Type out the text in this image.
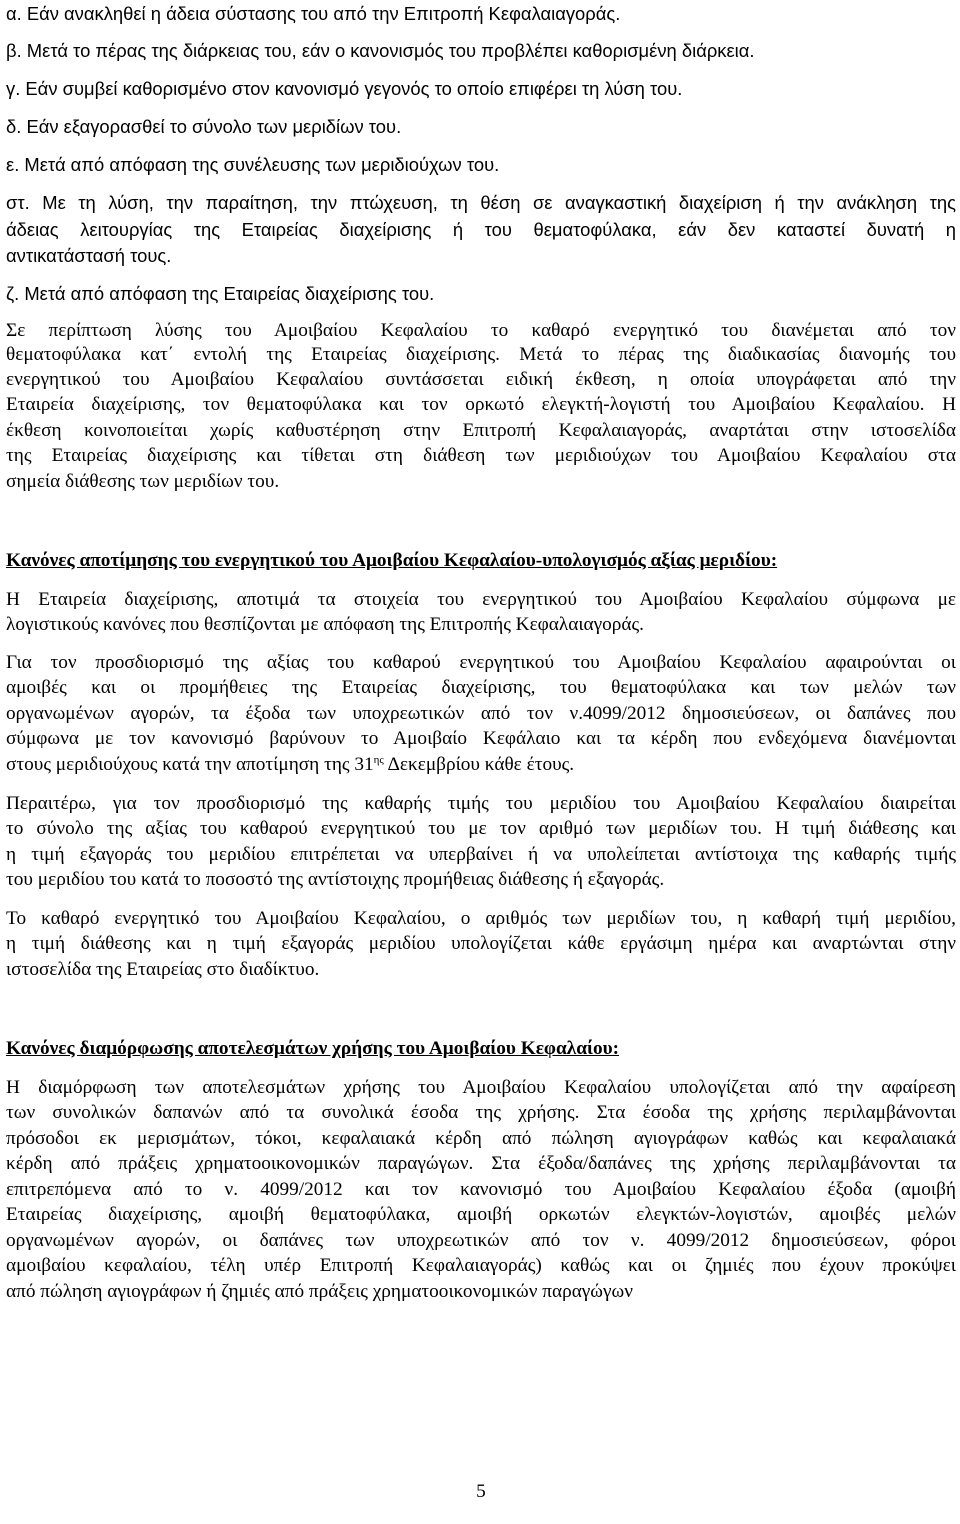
α. Εάν ανακληθεί η άδεια σύστασης του από την Επιτροπή Κεφαλαιαγοράς.
β. Μετά το πέρας της διάρκειας του, εάν ο κανονισμός του προβλέπει καθορισμένη διάρκεια.
γ. Εάν συμβεί καθορισμένο στον κανονισμό γεγονός το οποίο επιφέρει τη λύση του.
δ. Εάν εξαγορασθεί το σύνολο των μεριδίων του.
ε. Μετά από απόφαση της συνέλευσης των μεριδιούχων του.
στ. Με τη λύση, την παραίτηση, την πτώχευση, τη θέση σε αναγκαστική διαχείριση ή την ανάκληση της
άδειας λειτουργίας της Εταιρείας διαχείρισης ή του θεματοφύλακα, εάν δεν καταστεί δυνατή η
αντικατάστασή τους.
ζ. Μετά από απόφαση της Εταιρείας διαχείρισης του.
Σε περίπτωση λύσης του Αμοιβαίου Κεφαλαίου το καθαρό ενεργητικό του διανέμεται από τον
θεματοφύλακα κατ΄ εντολή της Εταιρείας διαχείρισης. Μετά το πέρας της διαδικασίας διανομής του
ενεργητικού του Αμοιβαίου Κεφαλαίου συντάσσεται ειδική έκθεση, η οποία υπογράφεται από την
Εταιρεία διαχείρισης, τον θεματοφύλακα και τον ορκωτό ελεγκτή-λογιστή του Αμοιβαίου Κεφαλαίου. Η
έκθεση κοινοποιείται χωρίς καθυστέρηση στην Επιτροπή Κεφαλαιαγοράς, αναρτάται στην ιστοσελίδα
της Εταιρείας διαχείρισης και τίθεται στη διάθεση των μεριδιούχων του Αμοιβαίου Κεφαλαίου στα
σημεία διάθεσης των μεριδίων του.
Κανόνες αποτίμησης του ενεργητικού του Αμοιβαίου Κεφαλαίου-υπολογισμός αξίας μεριδίου:
Η Εταιρεία διαχείρισης, αποτιμά τα στοιχεία του ενεργητικού του Αμοιβαίου Κεφαλαίου σύμφωνα με
λογιστικούς κανόνες που θεσπίζονται με απόφαση της Επιτροπής Κεφαλαιαγοράς.
Για τον προσδιορισμό της αξίας του καθαρού ενεργητικού του Αμοιβαίου Κεφαλαίου αφαιρούνται οι
αμοιβές και οι προμήθειες της Εταιρείας διαχείρισης, του θεματοφύλακα και των μελών των
οργανωμένων αγορών, τα έξοδα των υποχρεωτικών από τον ν.4099/2012 δημοσιεύσεων, οι δαπάνες που
σύμφωνα με τον κανονισμό βαρύνουν το Αμοιβαίο Κεφάλαιο και τα κέρδη που ενδεχόμενα διανέμονται
στους μεριδιούχους κατά την αποτίμηση της $31^{\eta\varsigma}$ Δεκεμβρίου κάθε έτους.
Περαιτέρω, για τον προσδιορισμό της καθαρής τιμής του μεριδίου του Αμοιβαίου Κεφαλαίου διαιρείται
το σύνολο της αξίας του καθαρού ενεργητικού του με τον αριθμό των μεριδίων του. Η τιμή διάθεσης και
η τιμή εξαγοράς του μεριδίου επιτρέπεται να υπερβαίνει ή να υπολείπεται αντίστοιχα της καθαρής τιμής
του μεριδίου του κατά το ποσοστό της αντίστοιχης προμήθειας διάθεσης ή εξαγοράς.
Το καθαρό ενεργητικό του Αμοιβαίου Κεφαλαίου, ο αριθμός των μεριδίων του, η καθαρή τιμή μεριδίου,
η τιμή διάθεσης και η τιμή εξαγοράς μεριδίου υπολογίζεται κάθε εργάσιμη ημέρα και αναρτώνται στην
ιστοσελίδα της Εταιρείας στο διαδίκτυο.
Κανόνες διαμόρφωσης αποτελεσμάτων χρήσης του Αμοιβαίου Κεφαλαίου:
Η διαμόρφωση των αποτελεσμάτων χρήσης του Αμοιβαίου Κεφαλαίου υπολογίζεται από την αφαίρεση
των συνολικών δαπανών από τα συνολικά έσοδα της χρήσης. Στα έσοδα της χρήσης περιλαμβάνονται
πρόσοδοι εκ μερισμάτων, τόκοι, κεφαλαιακά κέρδη από πώληση αγιογράφων καθώς και κεφαλαιακά
κέρδη από πράξεις χρηματοοικονομικών παραγώγων. Στα έξοδα/δαπάνες της χρήσης περιλαμβάνονται τα
επιτρεπόμενα από το ν. 4099/2012 και τον κανονισμό του Αμοιβαίου Κεφαλαίου έξοδα (αμοιβή
Εταιρείας διαχείρισης, αμοιβή θεματοφύλακα, αμοιβή ορκωτών ελεγκτών-λογιστών, αμοιβές μελών
οργανωμένων αγορών, οι δαπάνες των υποχρεωτικών από τον ν. 4099/2012 δημοσιεύσεων, φόροι
αμοιβαίου κεφαλαίου, τέλη υπέρ Επιτροπή Κεφαλαιαγοράς) καθώς και οι ζημιές που έχουν προκύψει
από πώληση αγιογράφων ή ζημιές από πράξεις χρηματοοικονομικών παραγώγων
5
